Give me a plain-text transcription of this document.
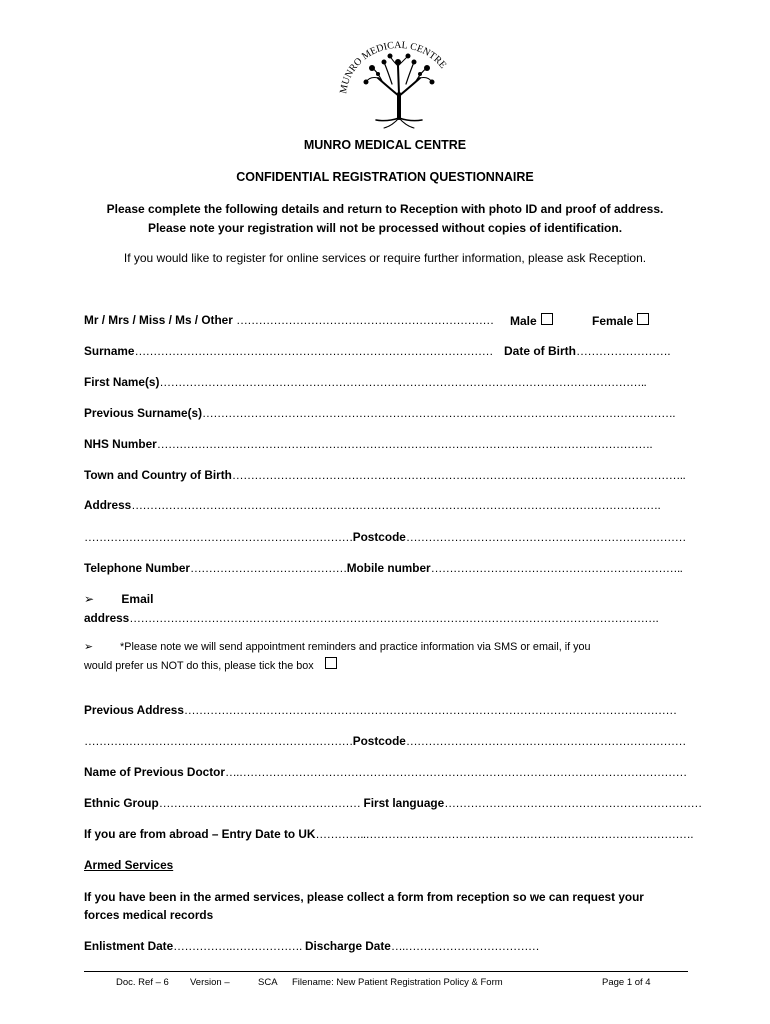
MUNRO MEDICAL CENTRE
MUNRO MEDICAL CENTRE
CONFIDENTIAL REGISTRATION QUESTIONNAIRE
Please complete the following details and return to Reception with photo ID and proof of address.
Please note your registration will not be processed without copies of identification.
If you would like to register for online services or require further information, please ask Reception.
Mr / Mrs / Miss / Ms / Other …………………………………………………………… Male	Female
Surname…………………………………………………………………………………… Date of Birth…………………….
First Name(s)…………………………………………………………………………………………………………………..
Previous Surname(s)……………………………………………………………………………………………………………….
NHS Number…………………………………………………………………………………………………………………….
Town and Country of Birth…………………………………………………………………………………………………………..
Address…………………………………………………………………………………………………………………………….
………………………………………………………………Postcode…………………………………………………………………
Telephone Number……………………………………Mobile number…………………………………………………………..
➢ Email
address…………………………………………………………………………………………………………………………….
➢	*Please note we will send appointment reminders and practice information via SMS or email, if you
would prefer us NOT do this, please tick the box
Previous Address……………………………………………………………………………………………………………………
………………………………………………………………Postcode…………………………………………………………………
Name of Previous Doctor….…………………………………………………………………………………………………………
Ethnic Group……………………………………………… First language……………………………………………………………
If you are from abroad – Entry Date to UK…………..…………………………………………………………………………….
Armed Services
If you have been in the armed services, please collect a form from reception so we can request your
forces medical records
Enlistment Date…………….………………. Discharge Date….………………………………
Doc. Ref – 6 Version –	SCA Filename: New Patient Registration Policy & Form	Page 1 of 4
